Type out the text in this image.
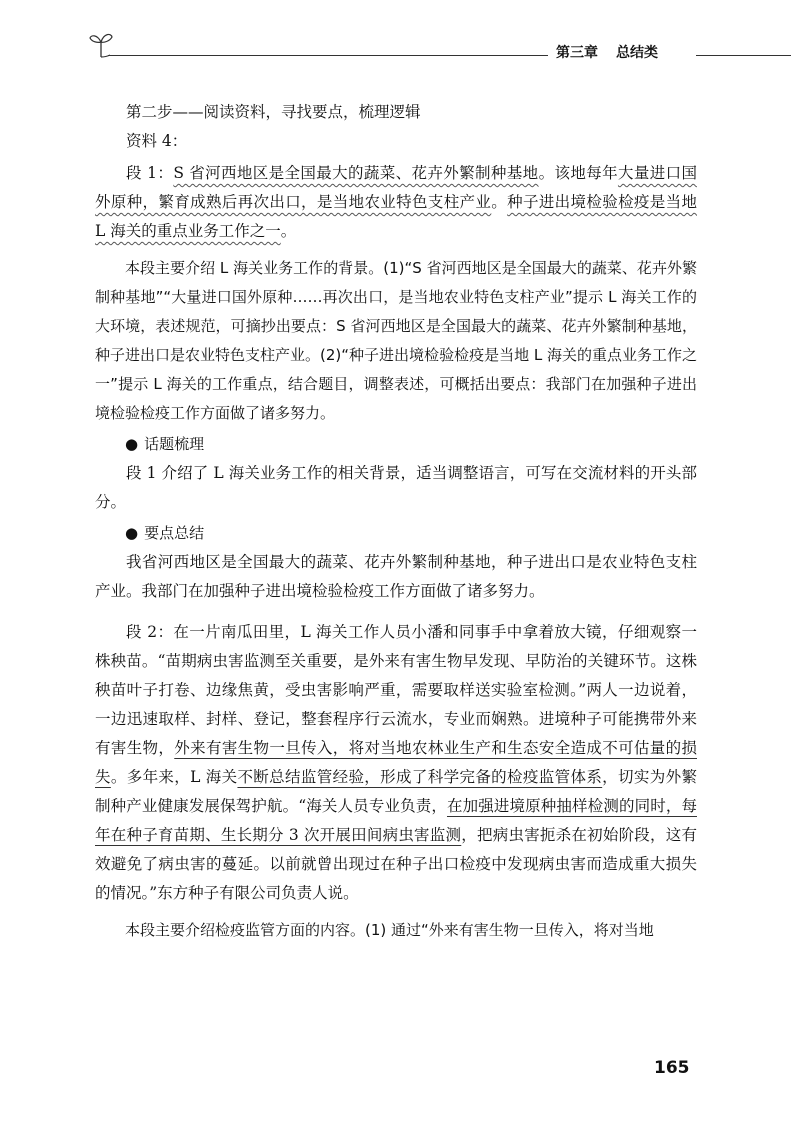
第三章 总结类

第二步——阅读资料，寻找要点，梳理逻辑

资料 4：

段 1：S 省河西地区是全国最大的蔬菜、花卉外繁制种基地。该地每年大量进口国外原种，繁育成熟后再次出口，是当地农业特色支柱产业。种子进出境检验检疫是当地 L 海关的重点业务工作之一。

本段主要介绍 L 海关业务工作的背景。(1)“S 省河西地区是全国最大的蔬菜、花卉外繁制种基地”“大量进口国外原种……再次出口，是当地农业特色支柱产业”提示 L 海关工作的大环境，表述规范，可摘抄出要点：S 省河西地区是全国最大的蔬菜、花卉外繁制种基地，种子进出口是农业特色支柱产业。(2)“种子进出境检验检疫是当地 L 海关的重点业务工作之一”提示 L 海关的工作重点，结合题目，调整表述，可概括出要点：我部门在加强种子进出境检验检疫工作方面做了诸多努力。

● 话题梳理

段 1 介绍了 L 海关业务工作的相关背景，适当调整语言，可写在交流材料的开头部分。

● 要点总结

我省河西地区是全国最大的蔬菜、花卉外繁制种基地，种子进出口是农业特色支柱产业。我部门在加强种子进出境检验检疫工作方面做了诸多努力。

段 2：在一片南瓜田里，L 海关工作人员小潘和同事手中拿着放大镜，仔细观察一株秧苗。“苗期病虫害监测至关重要，是外来有害生物早发现、早防治的关键环节。这株秧苗叶子打卷、边缘焦黄，受虫害影响严重，需要取样送实验室检测。”两人一边说着，一边迅速取样、封样、登记，整套程序行云流水，专业而娴熟。进境种子可能携带外来有害生物，外来有害生物一旦传入，将对当地农林业生产和生态安全造成不可估量的损失。多年来，L 海关不断总结监管经验，形成了科学完备的检疫监管体系，切实为外繁制种产业健康发展保驾护航。“海关人员专业负责，在加强进境原种抽样检测的同时，每年在种子育苗期、生长期分 3 次开展田间病虫害监测，把病虫害扼杀在初始阶段，这有效避免了病虫害的蔓延。以前就曾出现过在种子出口检疫中发现病虫害而造成重大损失的情况。”东方种子有限公司负责人说。

本段主要介绍检疫监管方面的内容。(1) 通过“外来有害生物一旦传入，将对当地

165
